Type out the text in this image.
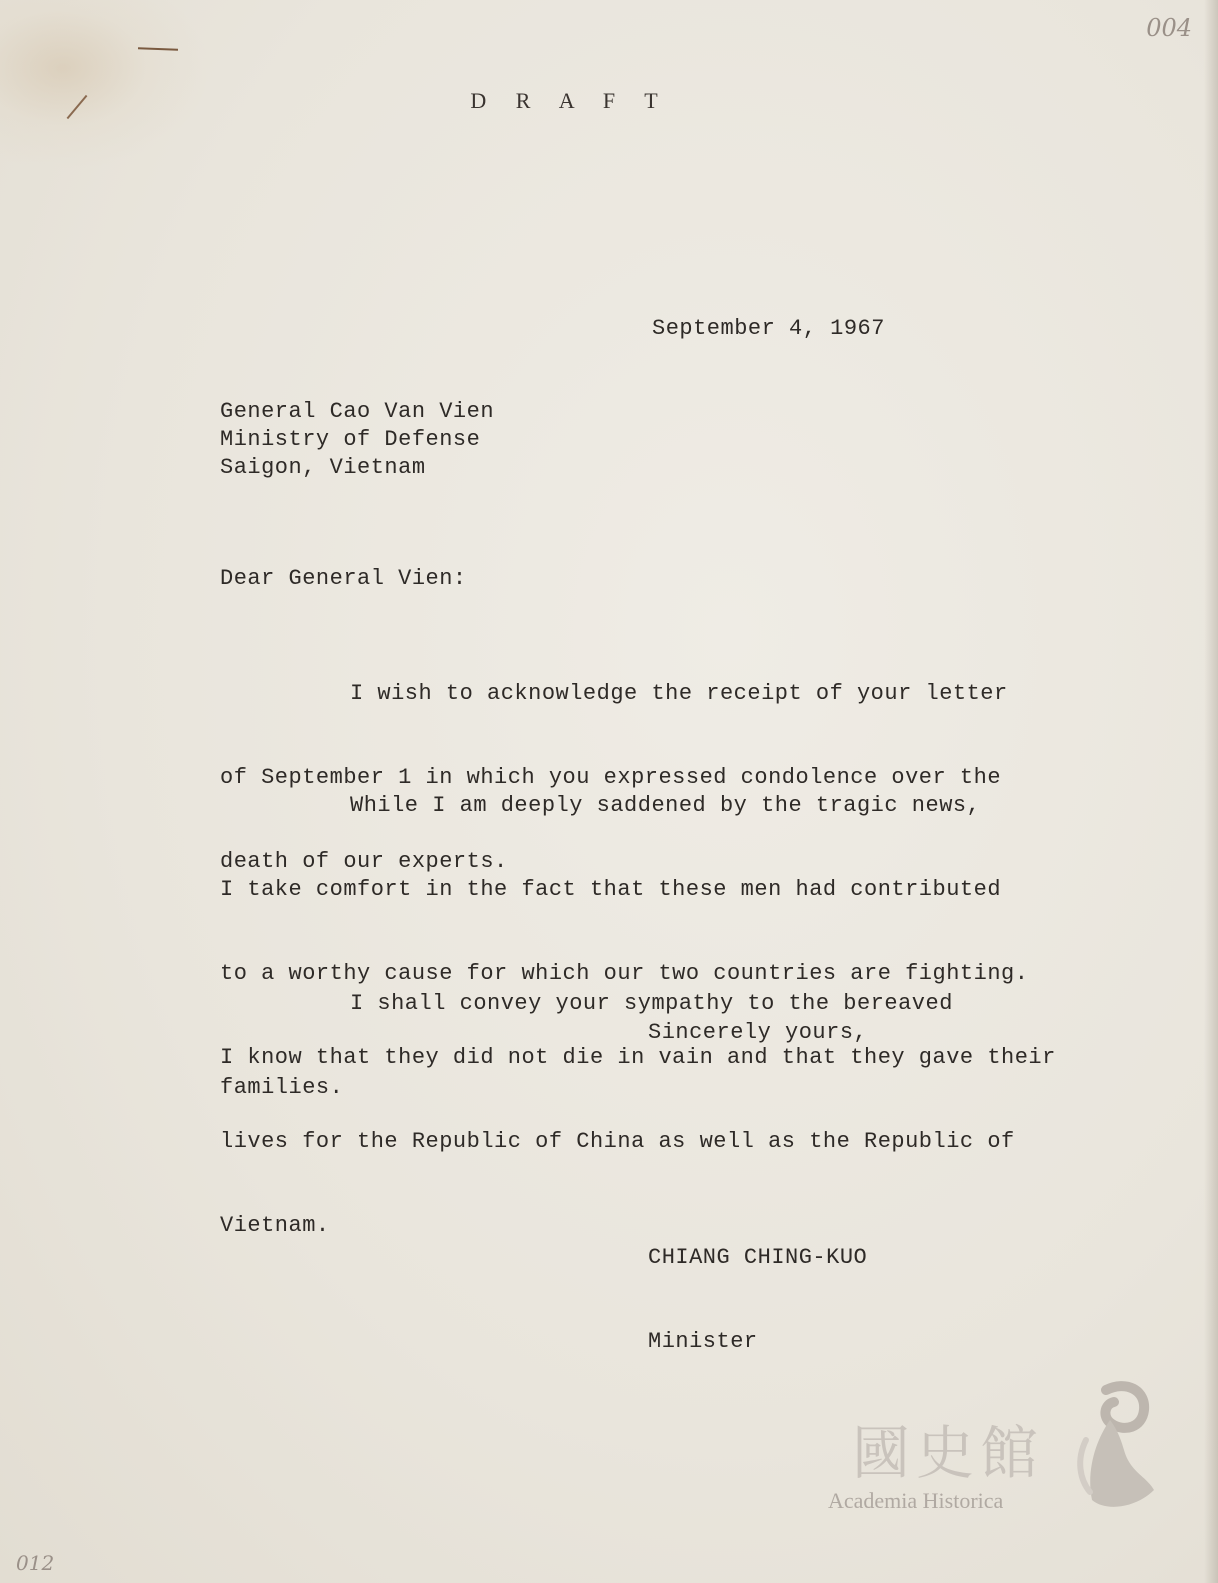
004
012
D R A F T
September 4, 1967
General Cao Van Vien
Ministry of Defense
Saigon, Vietnam
Dear General Vien:

I wish to acknowledge the receipt of your letter

of September 1 in which you expressed condolence over the

death of our experts.

While I am deeply saddened by the tragic news,

I take comfort in the fact that these men had contributed

to a worthy cause for which our two countries are fighting.

I know that they did not die in vain and that they gave their

lives for the Republic of China as well as the Republic of

Vietnam.

I shall convey your sympathy to the bereaved

families.

Sincerely yours,

CHIANG CHING-KUO

Minister

國史館
Academia Historica
